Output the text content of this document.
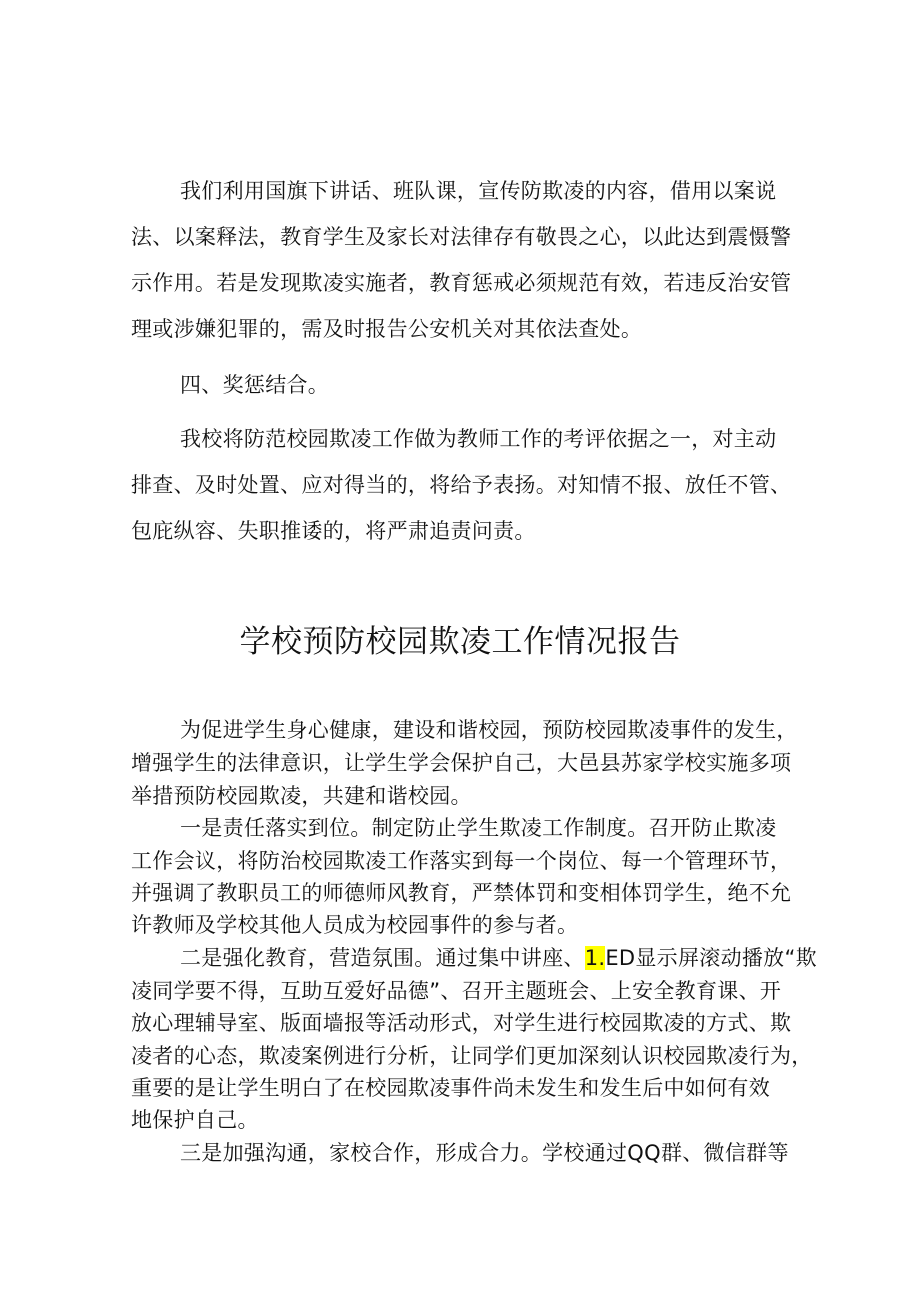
我们利用国旗下讲话、班队课，宣传防欺凌的内容，借用以案说
法、以案释法，教育学生及家长对法律存有敬畏之心，以此达到震慑警
示作用。若是发现欺凌实施者，教育惩戒必须规范有效，若违反治安管
理或涉嫌犯罪的，需及时报告公安机关对其依法查处。
四、奖惩结合。
我校将防范校园欺凌工作做为教师工作的考评依据之一，对主动
排查、及时处置、应对得当的，将给予表扬。对知情不报、放任不管、
包庇纵容、失职推诿的，将严肃追责问责。
学校预防校园欺凌工作情况报告
为促进学生身心健康，建设和谐校园，预防校园欺凌事件的发生，
增强学生的法律意识，让学生学会保护自己，大邑县苏家学校实施多项
举措预防校园欺凌，共建和谐校园。
一是责任落实到位。制定防止学生欺凌工作制度。召开防止欺凌
工作会议，将防治校园欺凌工作落实到每一个岗位、每一个管理环节，
并强调了教职员工的师德师风教育，严禁体罚和变相体罚学生，绝不允
许教师及学校其他人员成为校园事件的参与者。
二是强化教育，营造氛围。通过集中讲座、1.ED显示屏滚动播放“欺
凌同学要不得，互助互爱好品德”、召开主题班会、上安全教育课、开
放心理辅导室、版面墙报等活动形式，对学生进行校园欺凌的方式、欺
凌者的心态，欺凌案例进行分析，让同学们更加深刻认识校园欺凌行为，
重要的是让学生明白了在校园欺凌事件尚未发生和发生后中如何有效
地保护自己。
三是加强沟通，家校合作，形成合力。学校通过QQ群、微信群等
